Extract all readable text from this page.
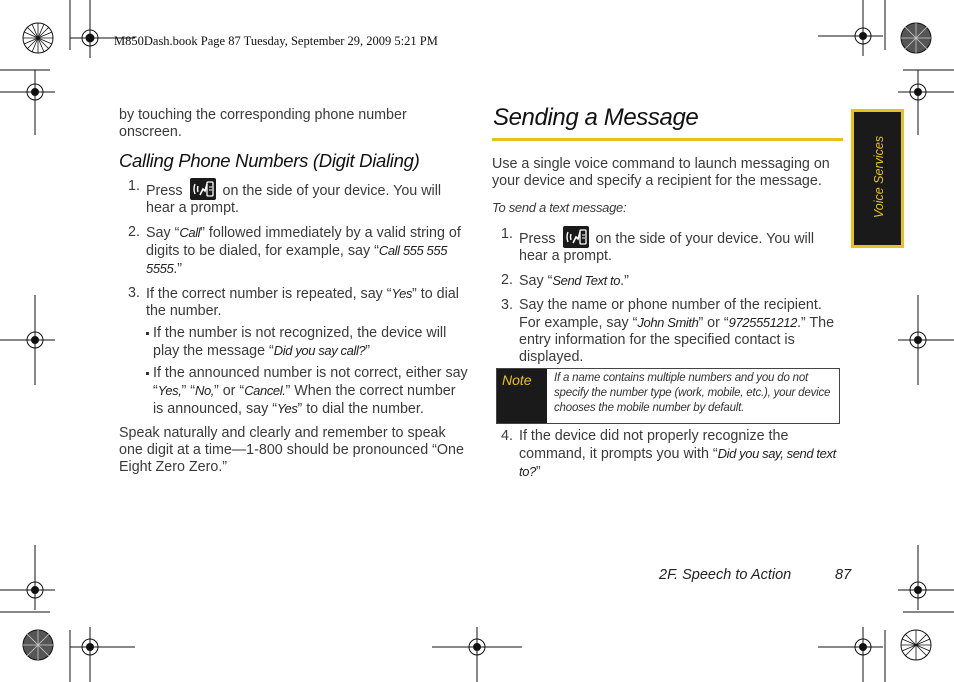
M850Dash.book Page 87 Tuesday, September 29, 2009 5:21 PM
by touching the corresponding phone number onscreen.
Calling Phone Numbers (Digit Dialing)
1. Press	on the side of your device. You will hear a prompt.
2. Say “Call” followed immediately by a valid string of digits to be dialed, for example, say “Call 555 555 5555.”
3. If the correct number is repeated, say “Yes” to dial the number.
If the number is not recognized, the device will play the message “Did you say call?”
If the announced number is not correct, either say “Yes,” “No,” or “Cancel.” When the correct number is announced, say “Yes” to dial the number.
Speak naturally and clearly and remember to speak one digit at a time—1-800 should be pronounced “One Eight Zero Zero.”
Sending a Message
Use a single voice command to launch messaging on your device and specify a recipient for the message.
To send a text message:
1. Press	on the side of your device. You will hear a prompt.
2. Say “Send Text to.”
3. Say the name or phone number of the recipient. For example, say “John Smith” or “9725551212.” The entry information for the specified contact is displayed.
Note	If a name contains multiple numbers and you do not specify the number type (work, mobile, etc.), your device chooses the mobile number by default.
4. If the device did not properly recognize the command, it prompts you with “Did you say, send text to?”
Voice Services
2F. Speech to Action	87
